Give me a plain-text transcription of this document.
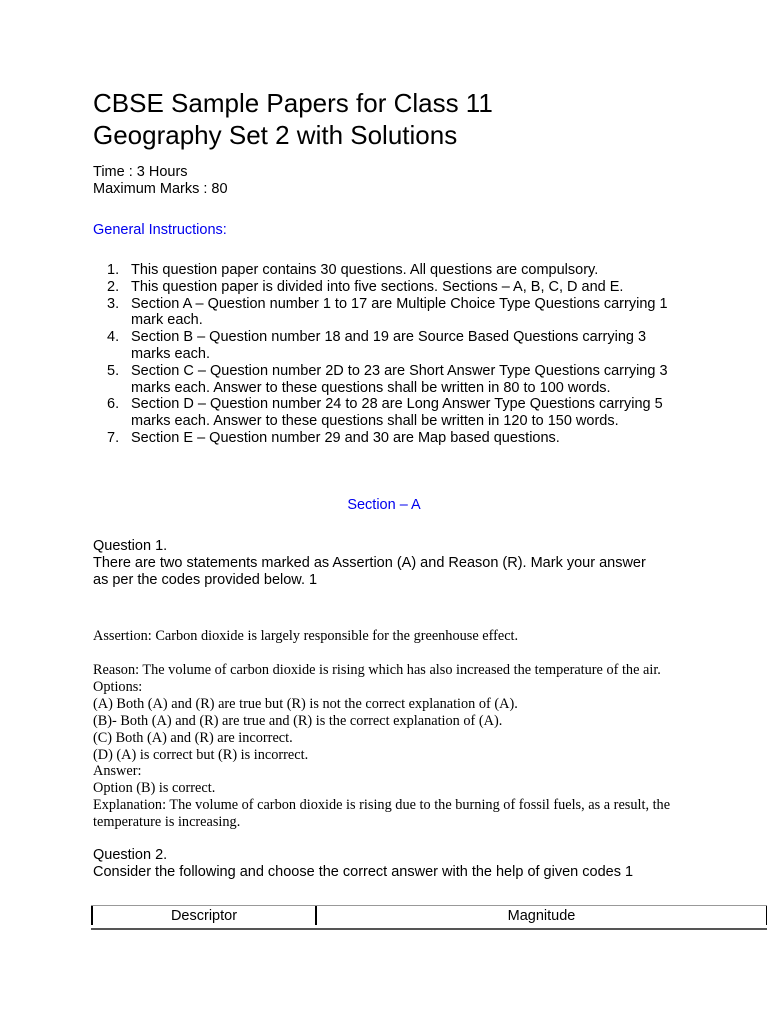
CBSE Sample Papers for Class 11
Geography Set 2 with Solutions
Time : 3 Hours
Maximum Marks : 80
General Instructions:
1. This question paper contains 30 questions. All questions are compulsory.
2. This question paper is divided into five sections. Sections – A, B, C, D and E.
3. Section A – Question number 1 to 17 are Multiple Choice Type Questions carrying 1 mark each.
4. Section B – Question number 18 and 19 are Source Based Questions carrying 3 marks each.
5. Section C – Question number 2D to 23 are Short Answer Type Questions carrying 3 marks each. Answer to these questions shall be written in 80 to 100 words.
6. Section D – Question number 24 to 28 are Long Answer Type Questions carrying 5 marks each. Answer to these questions shall be written in 120 to 150 words.
7. Section E – Question number 29 and 30 are Map based questions.
Section – A
Question 1.
There are two statements marked as Assertion (A) and Reason (R). Mark your answer as per the codes provided below. 1
Assertion: Carbon dioxide is largely responsible for the greenhouse effect.
Reason: The volume of carbon dioxide is rising which has also increased the temperature of the air.
Options:
(A) Both (A) and (R) are true but (R) is not the correct explanation of (A).
(B)- Both (A) and (R) are true and (R) is the correct explanation of (A).
(C) Both (A) and (R) are incorrect.
(D) (A) is correct but (R) is incorrect.
Answer:
Option (B) is correct.
Explanation: The volume of carbon dioxide is rising due to the burning of fossil fuels, as a result, the temperature is increasing.
Question 2.
Consider the following and choose the correct answer with the help of given codes 1
Descriptor	Magnitude
